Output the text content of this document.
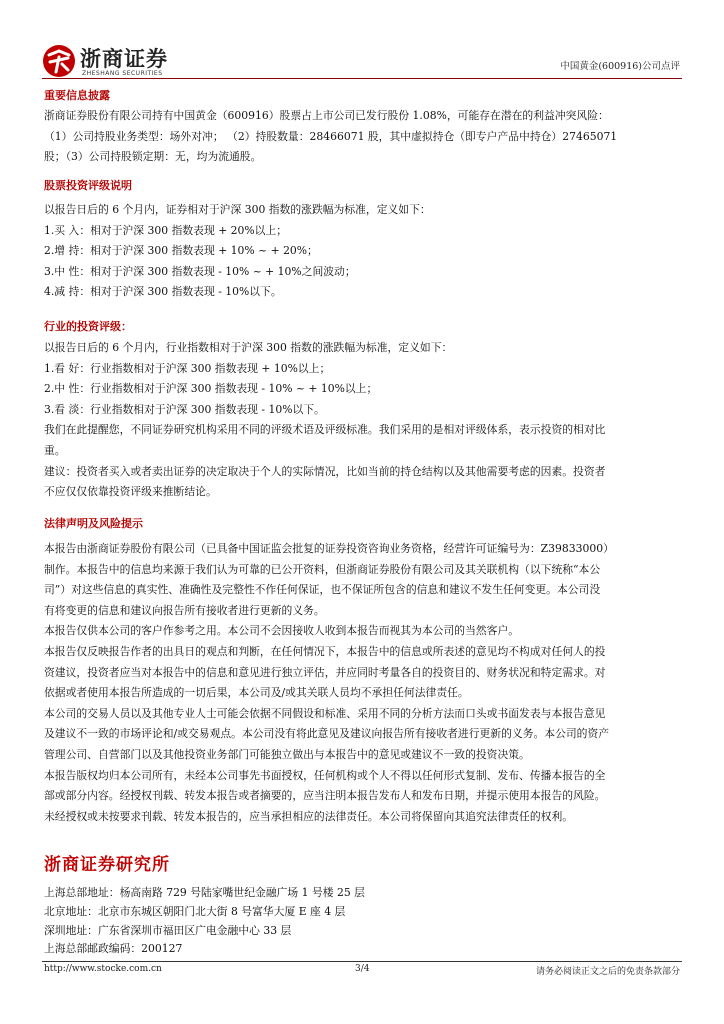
浙商证券
ZHESHANG SECURITIES
中国黄金(600916)公司点评
重要信息披露
浙商证券股份有限公司持有中国黄金（600916）股票占上市公司已发行股份 1.08%，可能存在潜在的利益冲突风险：
（1）公司持股业务类型：场外对冲； （2）持股数量：28466071 股，其中虚拟持仓（即专户产品中持仓）27465071
股；（3）公司持股锁定期：无，均为流通股。
股票投资评级说明
以报告日后的 6 个月内，证券相对于沪深 300 指数的涨跌幅为标准，定义如下：
1.买 入：相对于沪深 300 指数表现 + 20%以上；
2.增 持：相对于沪深 300 指数表现 + 10% ~ + 20%；
3.中 性：相对于沪深 300 指数表现 - 10% ~ + 10%之间波动；
4.减 持：相对于沪深 300 指数表现 - 10%以下。
行业的投资评级：
以报告日后的 6 个月内，行业指数相对于沪深 300 指数的涨跌幅为标准，定义如下：
1.看 好：行业指数相对于沪深 300 指数表现 + 10%以上；
2.中 性：行业指数相对于沪深 300 指数表现 - 10% ~ + 10%以上；
3.看 淡：行业指数相对于沪深 300 指数表现 - 10%以下。
我们在此提醒您，不同证券研究机构采用不同的评级术语及评级标准。我们采用的是相对评级体系，表示投资的相对比
重。
建议：投资者买入或者卖出证券的决定取决于个人的实际情况，比如当前的持仓结构以及其他需要考虑的因素。投资者
不应仅仅依靠投资评级来推断结论。
法律声明及风险提示
本报告由浙商证券股份有限公司（已具备中国证监会批复的证券投资咨询业务资格，经营许可证编号为：Z39833000）
制作。本报告中的信息均来源于我们认为可靠的已公开资料，但浙商证券股份有限公司及其关联机构（以下统称“本公
司”）对这些信息的真实性、准确性及完整性不作任何保证，也不保证所包含的信息和建议不发生任何变更。本公司没
有将变更的信息和建议向报告所有接收者进行更新的义务。
本报告仅供本公司的客户作参考之用。本公司不会因接收人收到本报告而视其为本公司的当然客户。
本报告仅反映报告作者的出具日的观点和判断，在任何情况下，本报告中的信息或所表述的意见均不构成对任何人的投
资建议，投资者应当对本报告中的信息和意见进行独立评估，并应同时考量各自的投资目的、财务状况和特定需求。对
依据或者使用本报告所造成的一切后果，本公司及/或其关联人员均不承担任何法律责任。
本公司的交易人员以及其他专业人士可能会依据不同假设和标准、采用不同的分析方法而口头或书面发表与本报告意见
及建议不一致的市场评论和/或交易观点。本公司没有将此意见及建议向报告所有接收者进行更新的义务。本公司的资产
管理公司、自营部门以及其他投资业务部门可能独立做出与本报告中的意见或建议不一致的投资决策。
本报告版权均归本公司所有，未经本公司事先书面授权，任何机构或个人不得以任何形式复制、发布、传播本报告的全
部或部分内容。经授权刊载、转发本报告或者摘要的，应当注明本报告发布人和发布日期，并提示使用本报告的风险。
未经授权或未按要求刊载、转发本报告的，应当承担相应的法律责任。本公司将保留向其追究法律责任的权利。
浙商证券研究所
上海总部地址：杨高南路 729 号陆家嘴世纪金融广场 1 号楼 25 层
北京地址：北京市东城区朝阳门北大街 8 号富华大厦 E 座 4 层
深圳地址：广东省深圳市福田区广电金融中心 33 层
上海总部邮政编码：200127
http://www.stocke.com.cn	3/4	请务必阅读正文之后的免责条款部分
